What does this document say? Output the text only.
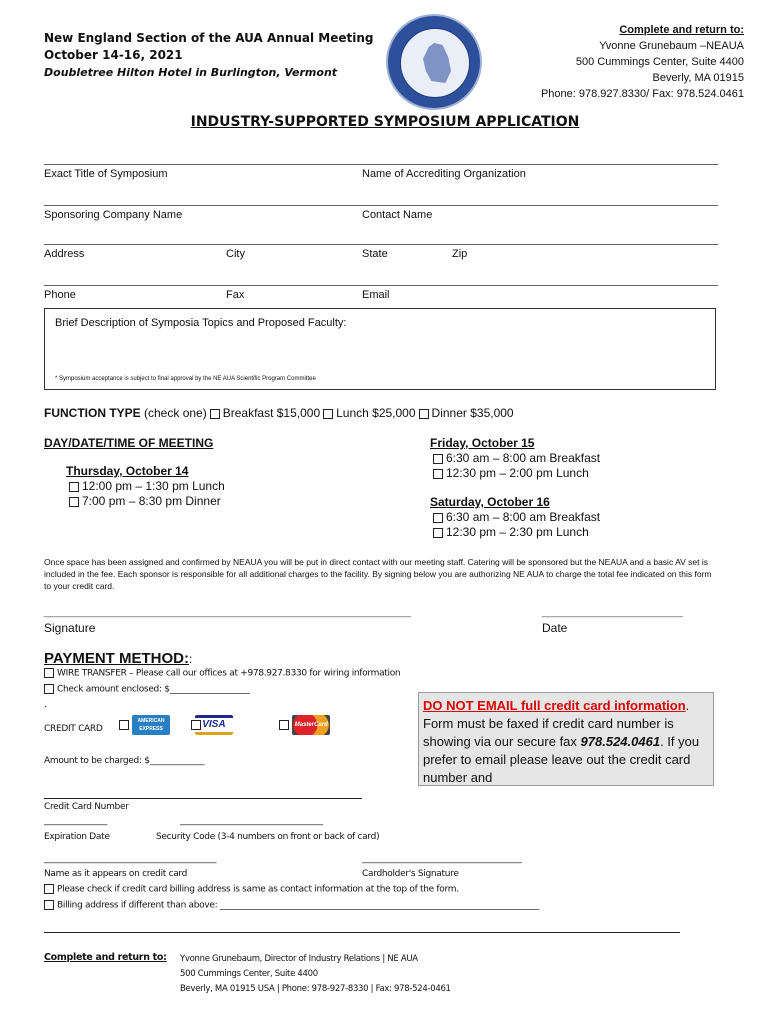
New England Section of the AUA Annual Meeting
October 14-16, 2021
Doubletree Hilton Hotel in Burlington, Vermont
Complete and return to:
Yvonne Grunebaum –NEAUA
500 Cummings Center, Suite 4400
Beverly, MA 01915
Phone: 978.927.8330/ Fax: 978.524.0461
INDUSTRY-SUPPORTED SYMPOSIUM APPLICATION
Exact Title of Symposium	Name of Accrediting Organization
Sponsoring Company Name	Contact Name
Address	City	State	Zip
Phone	Fax	Email
Brief Description of Symposia Topics and Proposed Faculty:
* Symposium acceptance is subject to final approval by the NE AUA Scientific Program Committee
FUNCTION TYPE (check one) Breakfast $15,000 Lunch $25,000 Dinner $35,000
DAY/DATE/TIME OF MEETING
Thursday, October 14
12:00 pm – 1:30 pm Lunch
7:00 pm – 8:30 pm Dinner
Friday, October 15
6:30 am – 8:00 am Breakfast
12:30 pm – 2:00 pm Lunch
Saturday, October 16
6:30 am – 8:00 am Breakfast
12:30 pm – 2:30 pm Lunch
Once space has been assigned and confirmed by NEAUA you will be put in direct contact with our meeting staff. Catering will be sponsored but the NEAUA and a basic AV set is included in the fee. Each sponsor is responsible for all additional charges to the facility. By signing below you are authorizing NE AUA to charge the total fee indicated on this form to your credit card.
____________________________________________________________	_______________________
Signature	Date
PAYMENT METHOD::
WIRE TRANSFER – Please call our offices at +978.927.8330 for wiring information
Check amount enclosed: $___________________
.
CREDIT CARD
AMERICAN EXPRESS	VISA	MasterCard
Amount to be charged: $_____________
DO NOT EMAIL full credit card information. Form must be faxed if credit card number is showing via our secure fax 978.524.0461. If you prefer to email please leave out the credit card number and
Credit Card Number
_______________	__________________________________
Expiration Date	Security Code (3-4 numbers on front or back of card)
_________________________________________	______________________________________
Name as it appears on credit card	Cardholder's Signature
Please check if credit card billing address is same as contact information at the top of the form.
Billing address if different than above: ____________________________________________________________________________
Complete and return to: Yvonne Grunebaum, Director of Industry Relations | NE AUA
500 Cummings Center, Suite 4400
Beverly, MA 01915 USA | Phone: 978-927-8330 | Fax: 978-524-0461
